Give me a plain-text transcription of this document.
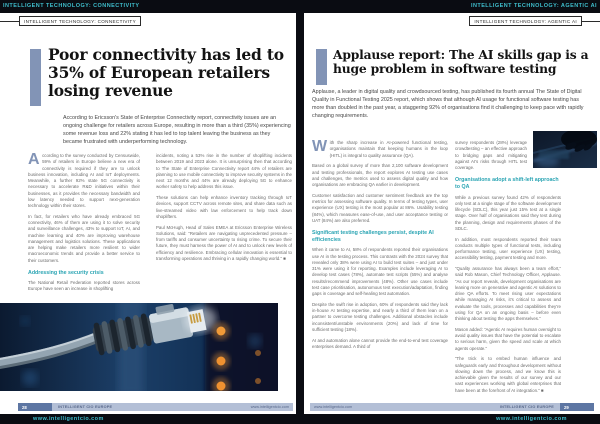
INTELLIGENT TECHNOLOGY: CONNECTIVITY	INTELLIGENT TECHNOLOGY: AGENTIC AI
www.intelligentcio.com	www.intelligentcio.com
INTELLIGENT TECHNOLOGY: CONNECTIVITY
Poor connectivity has led to 35% of European retailers losing revenue
According to Ericsson's State of Enterprise Connectivity report, connectivity issues are an ongoing challenge for retailers across Europe, resulting in more than a third (35%) experiencing some revenue loss and 22% stating it has led to top talent leaving the business as they became frustrated with underperforming technology.

According to the survey conducted by Censuswide, 59% of retailers in Europe believe a new era of connectivity is required if they are to unlock business innovation, including AI and IoT deployments. Meanwhile, a further 92% state 5G connectivity is necessary to accelerate R&D initiatives within their businesses, as it provides the necessary bandwidth and low latency needed to support next-generation technology within their stores.

In fact, for retailers who have already embraced 5G connectivity, 46% of them are using it to solve security and surveillance challenges, 43% to support IoT, AI, and machine learning and 40% are improving warehouse management and logistics solutions. These applications are helping make retailers more resilient to wider macroeconomic trends and provide a better service to their customers.

Addressing the security crisis

The National Retail Federation reported stores across Europe have seen an increase in shoplifting

incidents, noting a 53% rise in the number of shoplifting incidents between 2019 and 2023 alone. It is unsurprising then that according to The State of Enterprise Connectivity report 44% of retailers are planning to use mobile connectivity to improve security systems in the next 12 months and 44% are already deploying 5G to enhance worker safety to help address this issue.

These solutions can help enhance inventory tracking through IoT devices, support CCTV across remote sites, and share data such as live-streamed video with law enforcement to help track down shoplifters.

Paul McHugh, Head of Sales EMEA at Ericsson Enterprise Wireless Solutions, said: “Retailers are navigating unprecedented pressure – from tariffs and consumer uncertainty to rising crime. To secure their future, they must harness the power of AI and to unlock new levels of efficiency and resilience. Embracing cellular innovation is essential to transforming operations and thriving in a rapidly changing world.” ■

28	INTELLIGENT CIO EUROPE	www.intelligentcio.com
INTELLIGENT TECHNOLOGY: AGENTIC AI
Applause report: The AI skills gap is a huge problem in software testing
Applause, a leader in digital quality and crowdsourced testing, has published its fourth annual The State of Digital Quality in Functional Testing 2025 report, which shows that although AI usage for functional software testing has more than doubled in the past year, a staggering 92% of organisations find it challenging to keep pace with rapidly changing requirements.

With the sharp increase in AI-powered functional testing, organisations maintain that keeping humans in the loop (HITL) is integral to quality assurance (QA).

Based on a global survey of more than 2,100 software development and testing professionals, the report explores AI testing use cases and challenges, the metrics used to assess digital quality and how organisations are embracing QA earlier in development.

Customer satisfaction and customer sentiment feedback are the top metrics for assessing software quality. In terms of testing types, user experience (UX) testing is the most popular at 86%. Usability testing (84%), which measures ease-of-use, and user acceptance testing or UAT (84%) are also preferred.

Significant testing challenges persist, despite AI efficiencies

When it came to AI, 58% of respondents reported their organisations use AI in the testing process. This contrasts with the 2024 survey that revealed only 38% were using AI to build test suites – and just under 31% were using it for reporting. Examples include leveraging AI to develop test cases (78%), automate test scripts (55%) and analyse results/recommend improvements (48%). Other use cases include test case prioritisation, autonomous test execution/adaptation, finding gaps in coverage and self-healing test automation.

Despite the swift rise in adoption, 60% of respondents said they lack in-house AI testing expertise, and nearly a third of them lean on a partner to overcome testing challenges. Additional obstacles include inconsistent/unstable environments (20%) and lack of time for sufficient testing (18%).

AI and automation alone cannot provide the end-to-end test coverage enterprises demand. A third of

survey respondents (28%) leverage crowdtesting – an effective approach to bridging gaps and mitigating against AI's risks through HITL test coverage.

Organisations adopt a shift-left approach to QA

While a previous survey found 42% of respondents only test at a single stage of the software development lifecycle (SDLC), this year just 15% test at a single stage. Over half of organisations said they test during the planning, design and requirements phases of the SDLC.

In addition, most respondents reported their team conducts multiple types of functional tests, including performance testing, user experience (UX) testing, accessibility testing, payment testing and more.

“Quality assurance has always been a team effort,” said Rob Mason, Chief Technology Officer, Applause. “As our report reveals, development organisations are leaning more on generative and agentic AI solutions to drive QA efforts. To meet rising user expectations while managing AI risks, it's critical to assess and evaluate the tools, processes and capabilities they're using for QA on an ongoing basis – before even thinking about testing the apps themselves.”

Mason added: “Agentic AI requires human oversight to avoid quality issues that have the potential to escalate to serious harm, given the speed and scale at which agents operate.”

“The trick is to embed human influence and safeguards early and throughout development without slowing down the process, and we know this is achievable given the results of our survey and our vast experiences working with global enterprises that have been at the forefront of AI integration.” ■

www.intelligentcio.com	INTELLIGENT CIO EUROPE	29
